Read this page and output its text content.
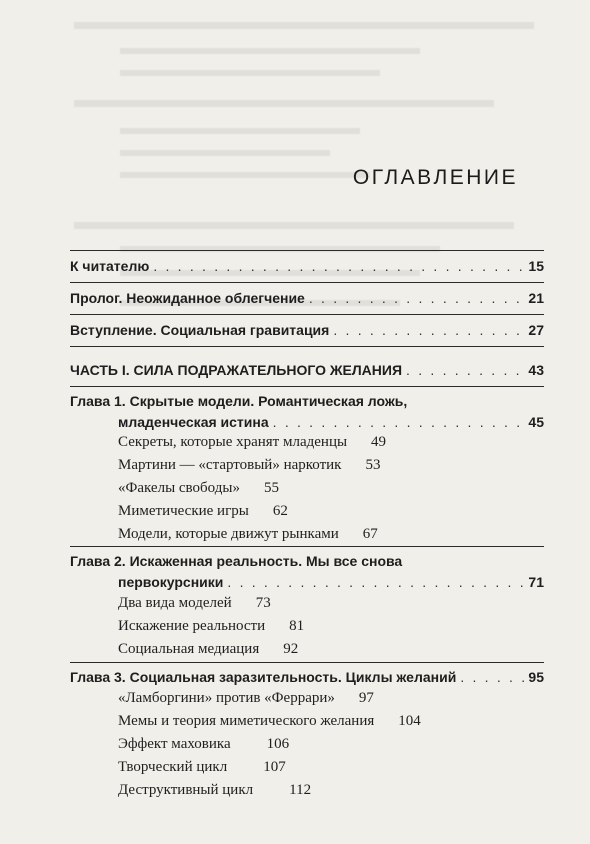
ОГЛАВЛЕНИЕ
К читателю . . .	15
Пролог. Неожиданное облегчение . . .	21
Вступление. Социальная гравитация . . .	27
ЧАСТЬ I. СИЛА ПОДРАЖАТЕЛЬНОГО ЖЕЛАНИЯ . . .	43
Глава 1. Скрытые модели. Романтическая ложь,
младенческая истина . . .	45
Секреты, которые хранят младенцы 49
Мартини — «стартовый» наркотик 53
«Факелы свободы» 55
Миметические игры 62
Модели, которые движут рынками 67
Глава 2. Искаженная реальность. Мы все снова
первокурсники . . .	71
Два вида моделей 73
Искажение реальности 81
Социальная медиация 92
Глава 3. Социальная заразительность. Циклы желаний . . .	95
«Ламборгини» против «Феррари» 97
Мемы и теория миметического желания 104
Эффект маховика 106
Творческий цикл 107
Деструктивный цикл 112
